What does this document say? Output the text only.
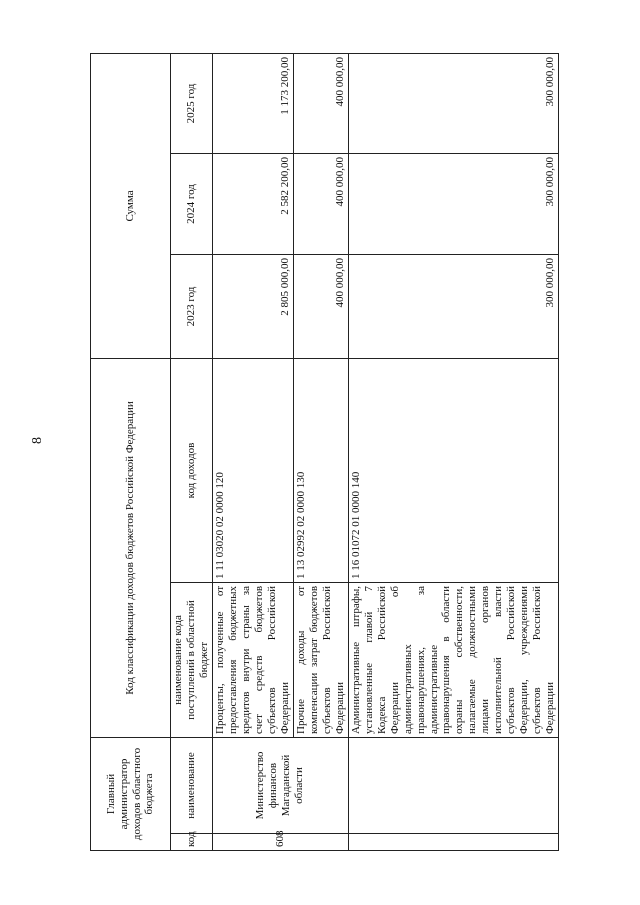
8
Главный администратор доходов областного бюджета		Код классификации доходов бюджетов Российской Федерации		Сумма		
код	наименование	наименование кода поступлений в областной бюджет	код доходов	2023 год	2024 год	2025 год
608	Министерство финансов Магаданской области	Проценты, полученные от предоставления бюджетных кредитов внутри страны за счет средств бюджетов субъектов Российской Федерации	1 11 03020 02 0000 120	2 805 000,00	2 582 200,00	1 173 200,00
		Прочие доходы от компенсации затрат бюджетов субъектов Российской Федерации	1 13 02992 02 0000 130	400 000,00	400 000,00	400 000,00
		Административные штрафы, установленные главой 7 Кодекса Российской Федерации об административных правонарушениях, за административные правонарушения в области охраны собственности, налагаемые должностными лицами органов исполнительной власти субъектов Российской Федерации, учреждениями субъектов Российской Федерации	1 16 01072 01 0000 140	300 000,00	300 000,00	300 000,00
